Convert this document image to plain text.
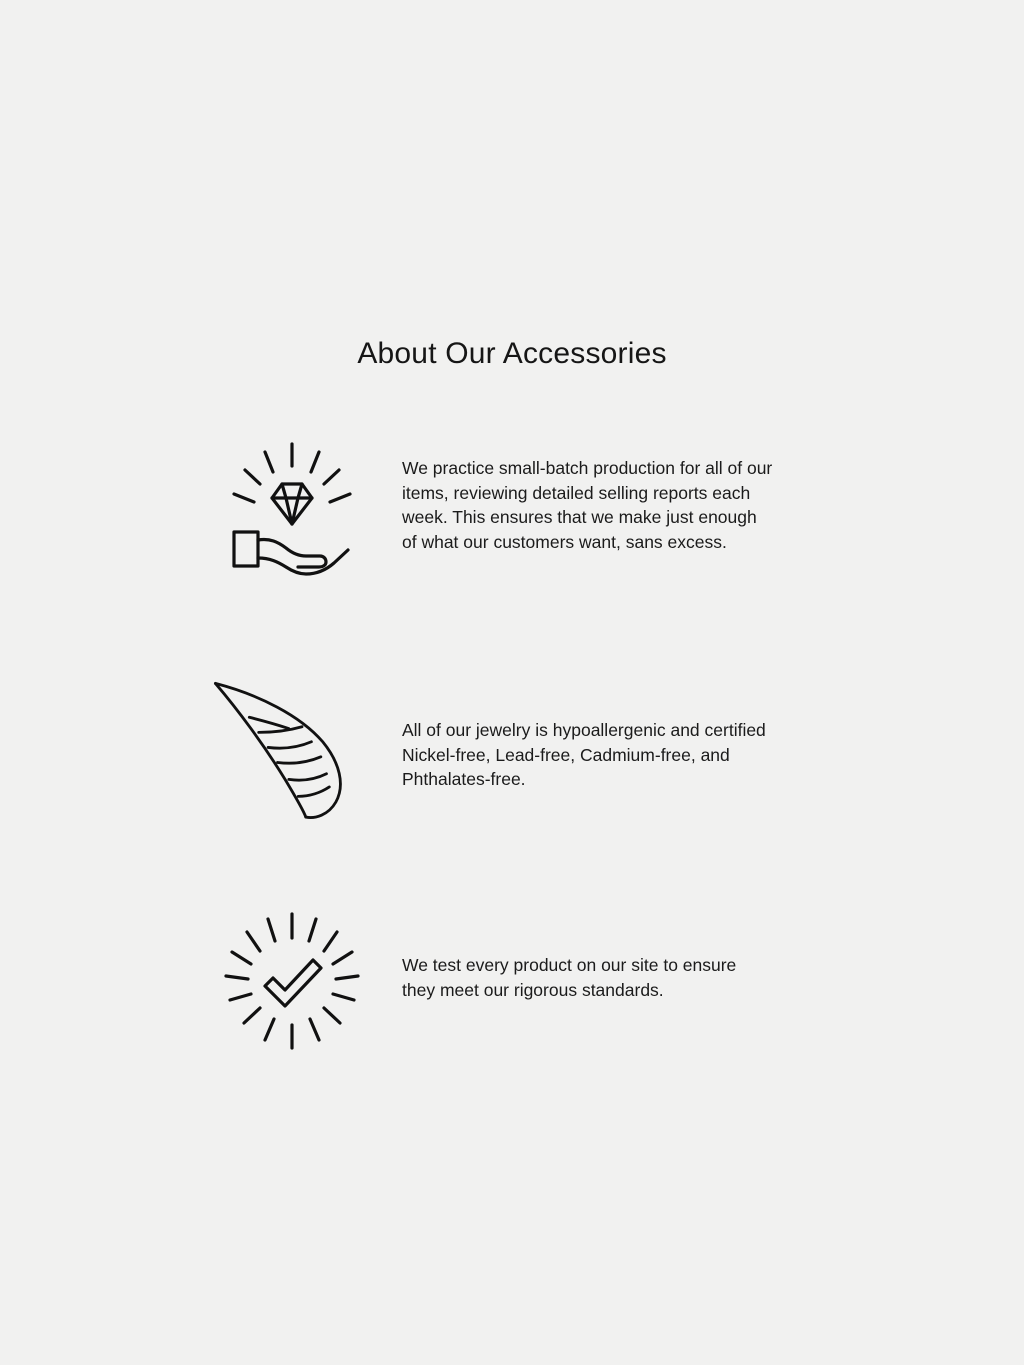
About Our Accessories

We practice small-batch production for all of our items, reviewing detailed selling reports each week. This ensures that we make just enough of what our customers want, sans excess.

All of our jewelry is hypoallergenic and certified Nickel-free, Lead-free, Cadmium-free, and Phthalates-free.

We test every product on our site to ensure they meet our rigorous standards.
